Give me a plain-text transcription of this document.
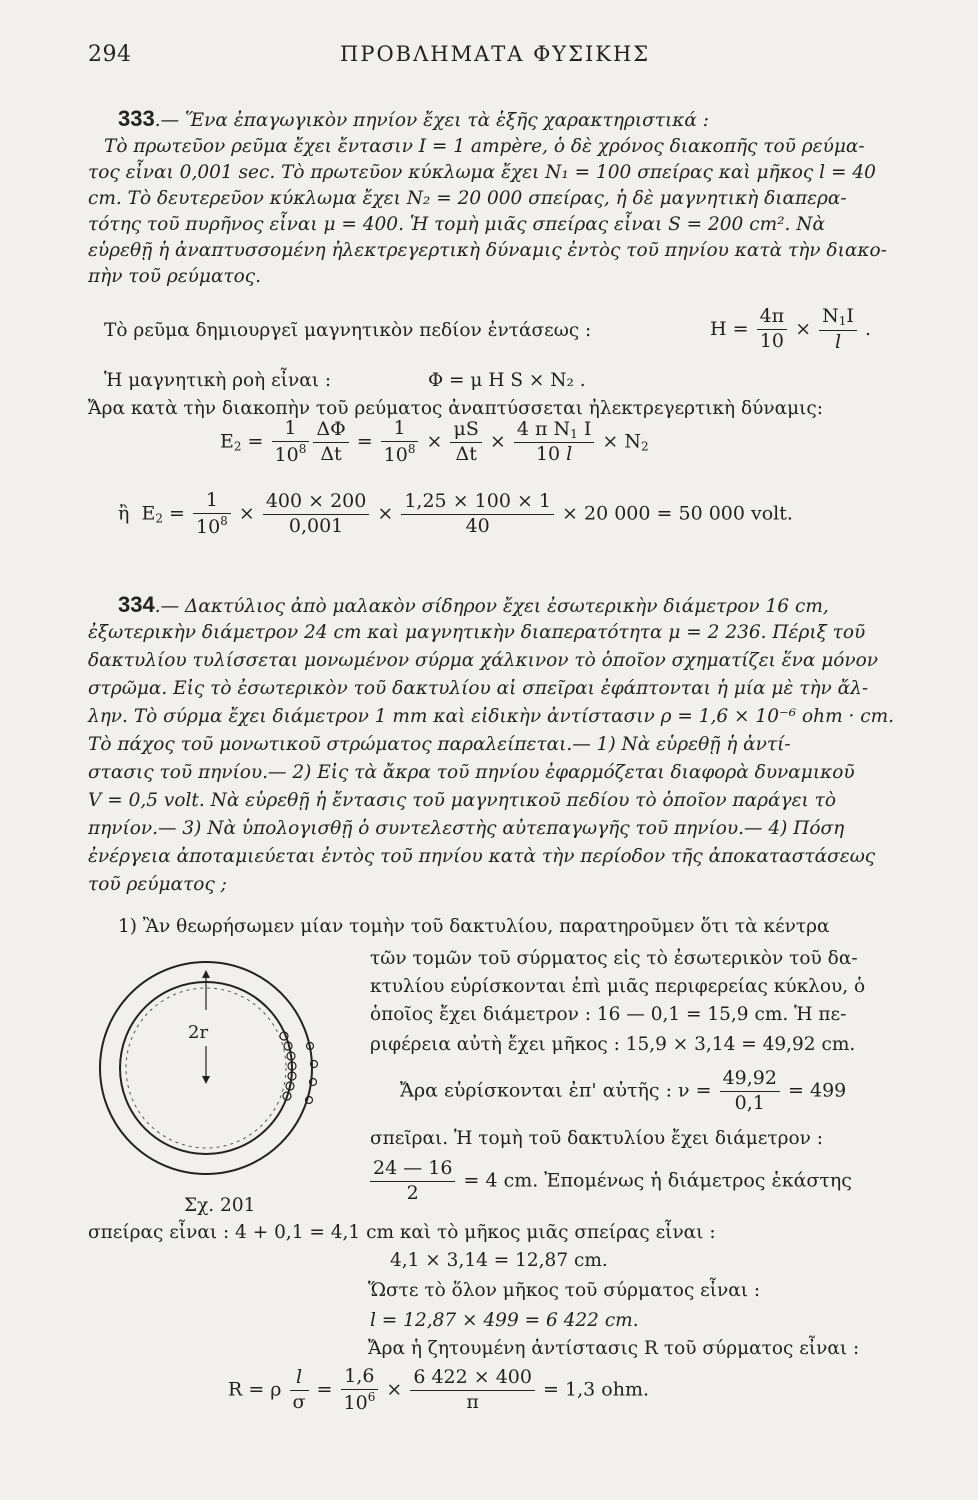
294	ΠΡΟΒΛΗΜΑΤΑ ΦΥΣΙΚΗΣ
333.— Ἕνα ἐπαγωγικὸν πηνίον ἔχει τὰ ἑξῆς χαρακτηριστικά :
Τὸ πρωτεῦον ρεῦμα ἔχει ἔντασιν I = 1 ampère, ὁ δὲ χρόνος διακοπῆς τοῦ ρεύμα-
τος εἶναι 0,001 sec. Τὸ πρωτεῦον κύκλωμα ἔχει N₁ = 100 σπείρας καὶ μῆκος l = 40
cm. Τὸ δευτερεῦον κύκλωμα ἔχει N₂ = 20 000 σπείρας, ἡ δὲ μαγνητικὴ διαπερα-
τότης τοῦ πυρῆνος εἶναι μ = 400. Ἡ τομὴ μιᾶς σπείρας εἶναι S = 200 cm². Νὰ
εὑρεθῇ ἡ ἀναπτυσσομένη ἠλεκτρεγερτικὴ δύναμις ἐντὸς τοῦ πηνίου κατὰ τὴν διακο-
πὴν τοῦ ρεύματος.
Τὸ ρεῦμα δημιουργεῖ μαγνητικὸν πεδίον ἐντάσεως :	$H = \frac{4\pi}{10} \times \frac{N_1I}{l}$ .
Ἡ μαγνητικὴ ροὴ εἶναι :	Φ = μ H S × N₂ .
Ἄρα κατὰ τὴν διακοπὴν τοῦ ρεύματος ἀναπτύσσεται ἠλεκτρεγερτικὴ δύναμις:
$E_2 = \frac{1}{10^8} \frac{\Delta\Phi}{\Delta t} = \frac{1}{10^8} \times \frac{\mu S}{\Delta t} \times \frac{4 \pi N_1 I}{10 l} \times N_2$
ἢ  $E_2 = \frac{1}{10^8} \times \frac{400 \times 200}{0,001} \times \frac{1,25 \times 100 \times 1}{40} \times 20$ 000 = 50 000 volt.
334.— Δακτύλιος ἀπὸ μαλακὸν σίδηρον ἔχει ἐσωτερικὴν διάμετρον 16 cm,
ἐξωτερικὴν διάμετρον 24 cm καὶ μαγνητικὴν διαπερατότητα μ = 2 236. Πέριξ τοῦ
δακτυλίου τυλίσσεται μονωμένον σύρμα χάλκινον τὸ ὁποῖον σχηματίζει ἕνα μόνον
στρῶμα. Εἰς τὸ ἐσωτερικὸν τοῦ δακτυλίου αἱ σπεῖραι ἐφάπτονται ἡ μία μὲ τὴν ἄλ-
λην. Τὸ σύρμα ἔχει διάμετρον 1 mm καὶ εἰδικὴν ἀντίστασιν ρ = 1,6 × 10⁻⁶ ohm · cm.
Τὸ πάχος τοῦ μονωτικοῦ στρώματος παραλείπεται.— 1) Νὰ εὑρεθῇ ἡ ἀντί-
στασις τοῦ πηνίου.— 2) Εἰς τὰ ἄκρα τοῦ πηνίου ἐφαρμόζεται διαφορὰ δυναμικοῦ
V = 0,5 volt. Νὰ εὑρεθῇ ἡ ἔντασις τοῦ μαγνητικοῦ πεδίου τὸ ὁποῖον παράγει τὸ
πηνίον.— 3) Νὰ ὑπολογισθῇ ὁ συντελεστὴς αὐτεπαγωγῆς τοῦ πηνίου.— 4) Πόση
ἐνέργεια ἀποταμιεύεται ἐντὸς τοῦ πηνίου κατὰ τὴν περίοδον τῆς ἀποκαταστάσεως
τοῦ ρεύματος ;
1) Ἂν θεωρήσωμεν μίαν τομὴν τοῦ δακτυλίου, παρατηροῦμεν ὅτι τὰ κέντρα
2r
Σχ. 201
τῶν τομῶν τοῦ σύρματος εἰς τὸ ἐσωτερικὸν τοῦ δα-
κτυλίου εὑρίσκονται ἐπὶ μιᾶς περιφερείας κύκλου, ὁ
ὁποῖος ἔχει διάμετρον : 16 — 0,1 = 15,9 cm. Ἡ πε-
ριφέρεια αὐτὴ ἔχει μῆκος : 15,9 × 3,14 = 49,92 cm.
Ἄρα εὑρίσκονται ἐπ' αὐτῆς : $\nu = \frac{49,92}{0,1} = 499$
σπεῖραι. Ἡ τομὴ τοῦ δακτυλίου ἔχει διάμετρον :
$\frac{24 — 16}{2} = 4$ cm. Ἐπομένως ἡ διάμετρος ἑκάστης
σπείρας εἶναι : 4 + 0,1 = 4,1 cm καὶ τὸ μῆκος μιᾶς σπείρας εἶναι :
4,1 × 3,14 = 12,87 cm.
Ὥστε τὸ ὅλον μῆκος τοῦ σύρματος εἶναι :
l = 12,87 × 499 = 6 422 cm.
Ἄρα ἡ ζητουμένη ἀντίστασις R τοῦ σύρματος εἶναι :
R = ρ $\frac{l}{\sigma} = \frac{1,6}{10^6} \times \frac{6 422 \times 400}{\pi} = 1,3$ ohm.
